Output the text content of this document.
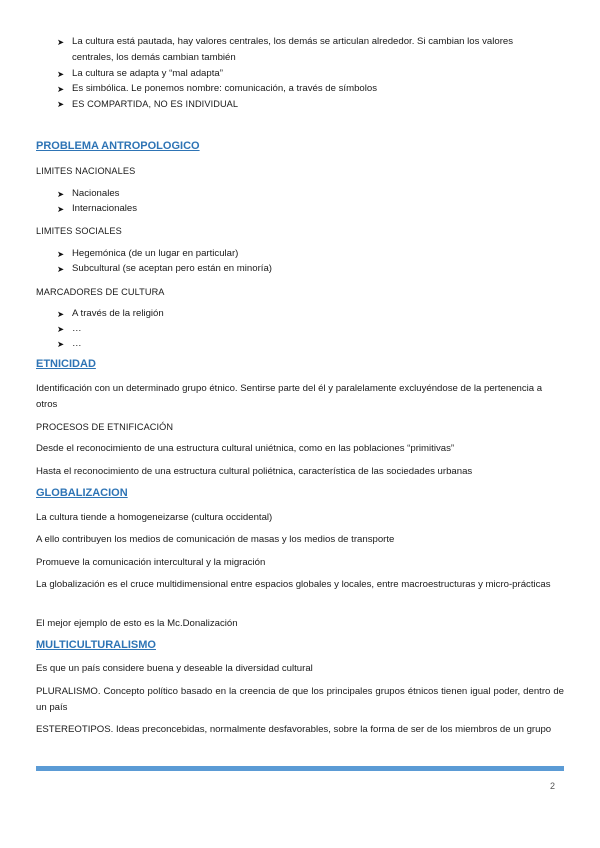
➤ La cultura está pautada, hay valores centrales, los demás se articulan alrededor. Si cambian los valores centrales, los demás cambian también
➤ La cultura se adapta y “mal adapta”
➤ Es simbólica. Le ponemos nombre: comunicación, a través de símbolos
➤ ES COMPARTIDA, NO ES INDIVIDUAL
PROBLEMA ANTROPOLOGICO
LIMITES NACIONALES
➤ Nacionales
➤ Internacionales
LIMITES SOCIALES
➤ Hegemónica (de un lugar en particular)
➤ Subcultural (se aceptan pero están en minoría)
MARCADORES DE CULTURA
➤ A través de la religión
➤ …
➤ …
ETNICIDAD
Identificación con un determinado grupo étnico. Sentirse parte del él y paralelamente excluyéndose de la pertenencia a otros
PROCESOS DE ETNIFICACIÓN
Desde el reconocimiento de una estructura cultural uniétnica, como en las poblaciones “primitivas”
Hasta el reconocimiento de una estructura cultural poliétnica, característica de las sociedades urbanas
GLOBALIZACION
La cultura tiende a homogeneizarse (cultura occidental)
A ello contribuyen los medios de comunicación de masas y los medios de transporte
Promueve la comunicación intercultural y la migración
La globalización es el cruce multidimensional entre espacios globales y locales, entre macroestructuras y micro-prácticas
El mejor ejemplo de esto es la Mc.Donalización
MULTICULTURALISMO
Es que un país considere buena y deseable la diversidad cultural
PLURALISMO. Concepto político basado en la creencia de que los principales grupos étnicos tienen igual poder, dentro de un país
ESTEREOTIPOS. Ideas preconcebidas, normalmente desfavorables, sobre la forma de ser de los miembros de un grupo
2
